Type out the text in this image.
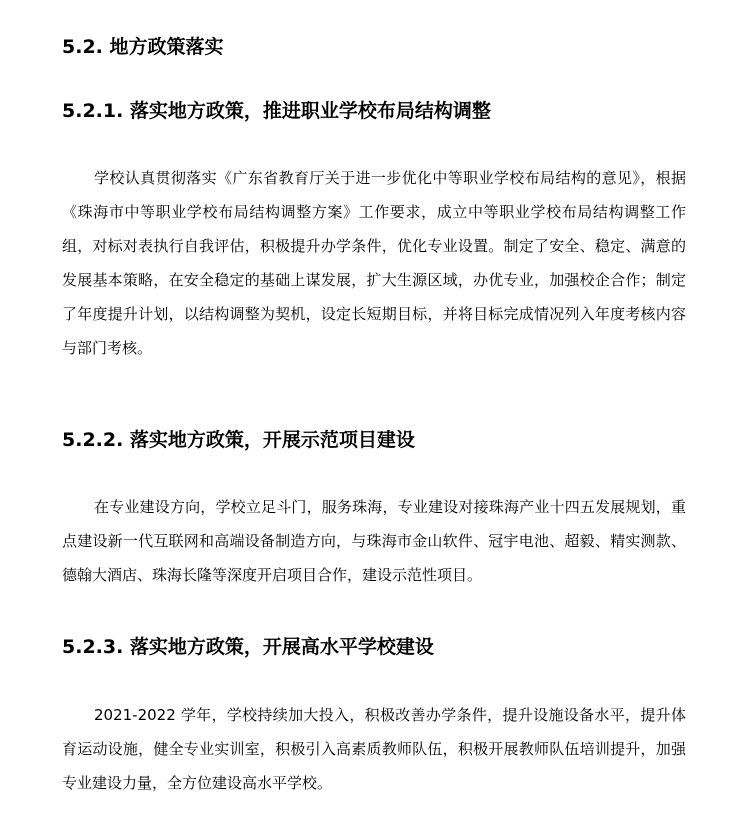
5.2. 地方政策落实
5.2.1. 落实地方政策，推进职业学校布局结构调整

学校认真贯彻落实《广东省教育厅关于进一步优化中等职业学校布局结构的意见》，根据《珠海市中等职业学校布局结构调整方案》工作要求，成立中等职业学校布局结构调整工作组，对标对表执行自我评估，积极提升办学条件，优化专业设置。制定了安全、稳定、满意的发展基本策略，在安全稳定的基础上谋发展，扩大生源区域，办优专业，加强校企合作；制定了年度提升计划，以结构调整为契机，设定长短期目标，并将目标完成情况列入年度考核内容与部门考核。

5.2.2. 落实地方政策，开展示范项目建设

在专业建设方向，学校立足斗门，服务珠海，专业建设对接珠海产业十四五发展规划，重点建设新一代互联网和高端设备制造方向，与珠海市金山软件、冠宇电池、超毅、精实测款、德翰大酒店、珠海长隆等深度开启项目合作，建设示范性项目。

5.2.3. 落实地方政策，开展高水平学校建设

2021-2022 学年，学校持续加大投入，积极改善办学条件，提升设施设备水平，提升体育运动设施，健全专业实训室，积极引入高素质教师队伍，积极开展教师队伍培训提升，加强专业建设力量，全方位建设高水平学校。
